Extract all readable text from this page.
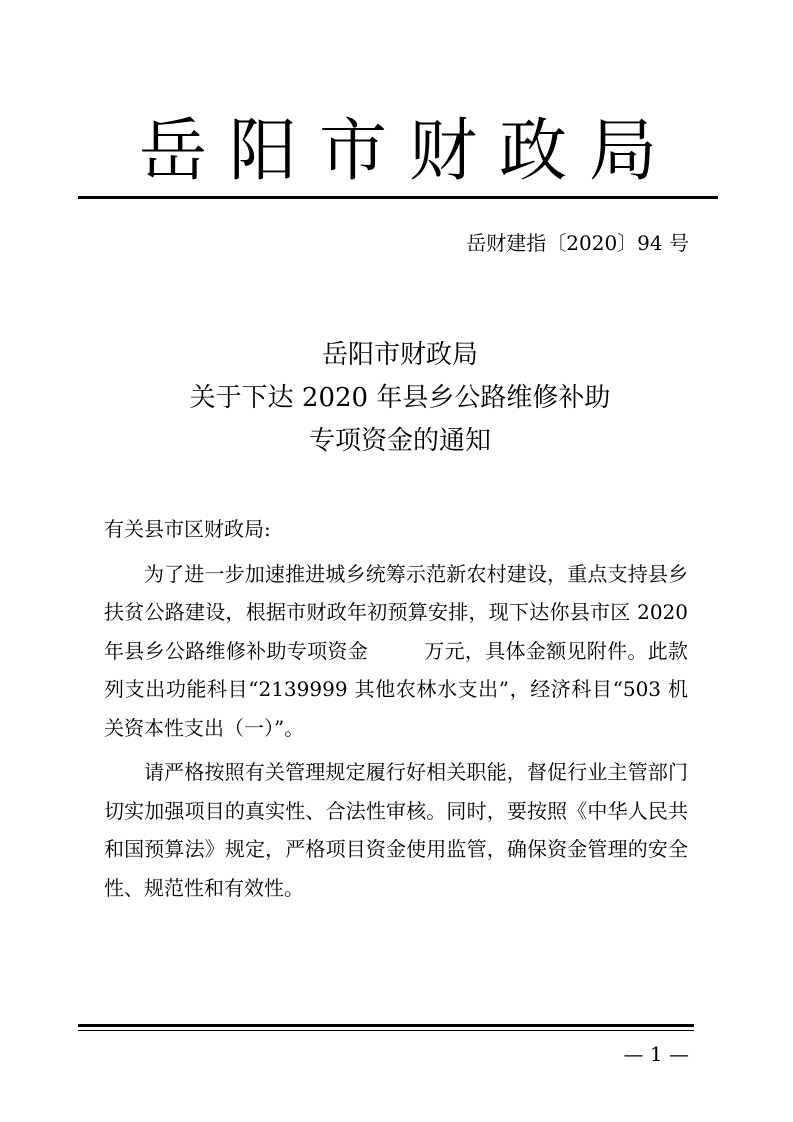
岳阳市财政局
岳财建指〔2020〕94 号
岳阳市财政局
关于下达 2020 年县乡公路维修补助
专项资金的通知
有关县市区财政局:
为了进一步加速推进城乡统筹示范新农村建设，重点支持县乡扶贫公路建设，根据市财政年初预算安排，现下达你县市区 2020 年县乡公路维修补助专项资金	万元，具体金额见附件。此款列支出功能科目“2139999 其他农林水支出”，经济科目“503 机关资本性支出（一）”。
请严格按照有关管理规定履行好相关职能，督促行业主管部门切实加强项目的真实性、合法性审核。同时，要按照《中华人民共和国预算法》规定，严格项目资金使用监管，确保资金管理的安全性、规范性和有效性。
— 1 —
